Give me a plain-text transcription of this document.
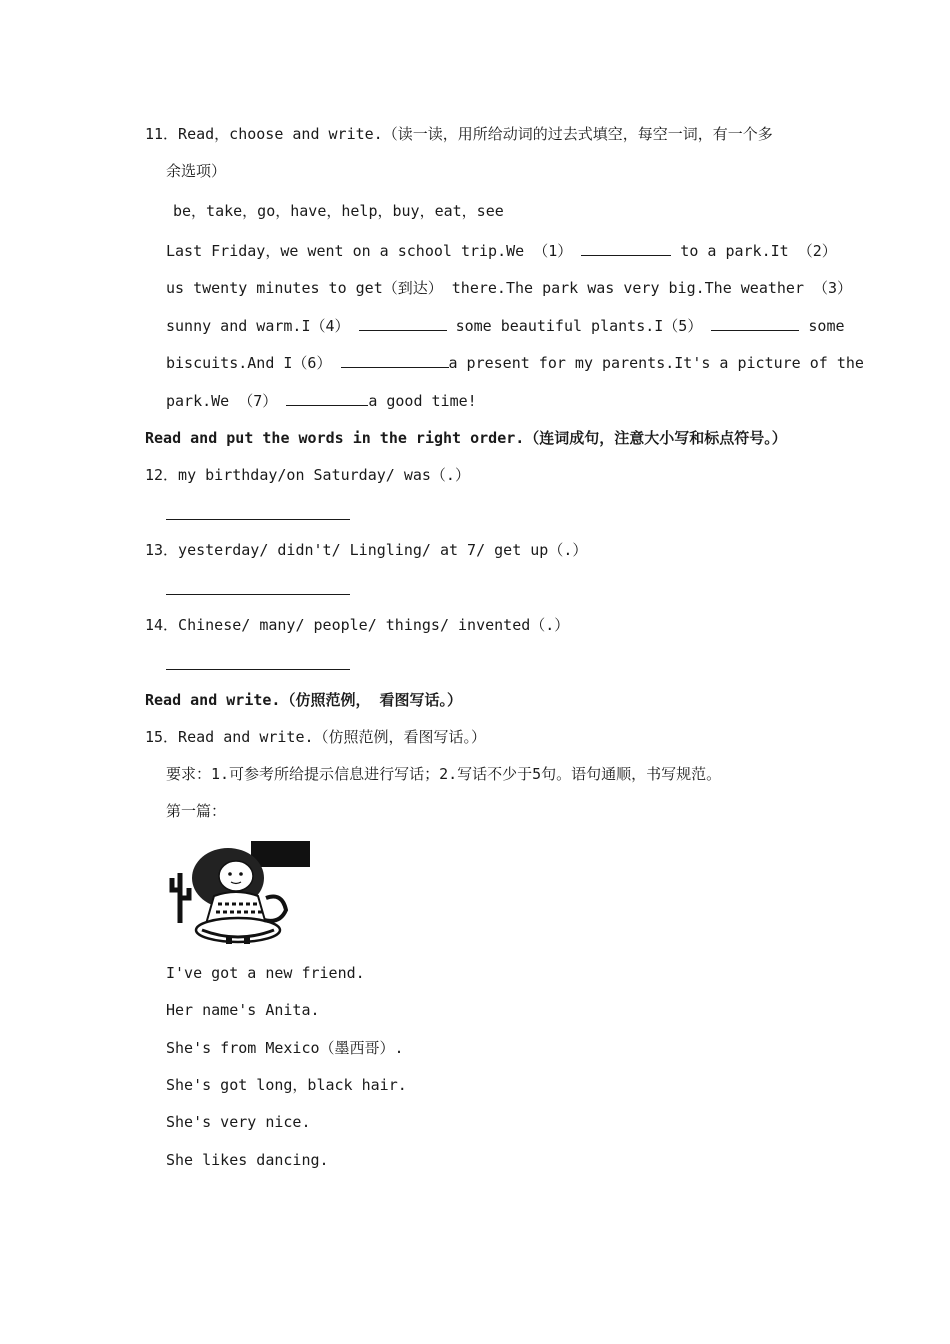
11．Read，choose and write.（读一读，用所给动词的过去式填空，每空一词，有一个多
余选项）
be，take，go，have，help，buy，eat，see
Last Friday，we went on a school trip.We （1）	to a park.It （2）
us twenty minutes to get（到达） there.The park was very big.The weather （3）
sunny and warm.I（4）	some beautiful plants.I（5）	some
biscuits.And I（6）	a present for my parents.It's a picture of the
park.We （7）	a good time!
Read and put the words in the right order.（连词成句，注意大小写和标点符号。）
12．my birthday/on Saturday/ was（.）
13．yesterday/ didn't/ Lingling/ at 7/ get up（.）
14．Chinese/ many/ people/ things/ invented（.）
Read and write.（仿照范例， 看图写话。）
15．Read and write.（仿照范例，看图写话。）
要求：1.可参考所给提示信息进行写话；2.写话不少于5句。语句通顺，书写规范。
第一篇：
I've got a new friend.
Her name's Anita.
She's from Mexico（墨西哥）.
She's got long，black hair.
She's very nice.
She likes dancing.
